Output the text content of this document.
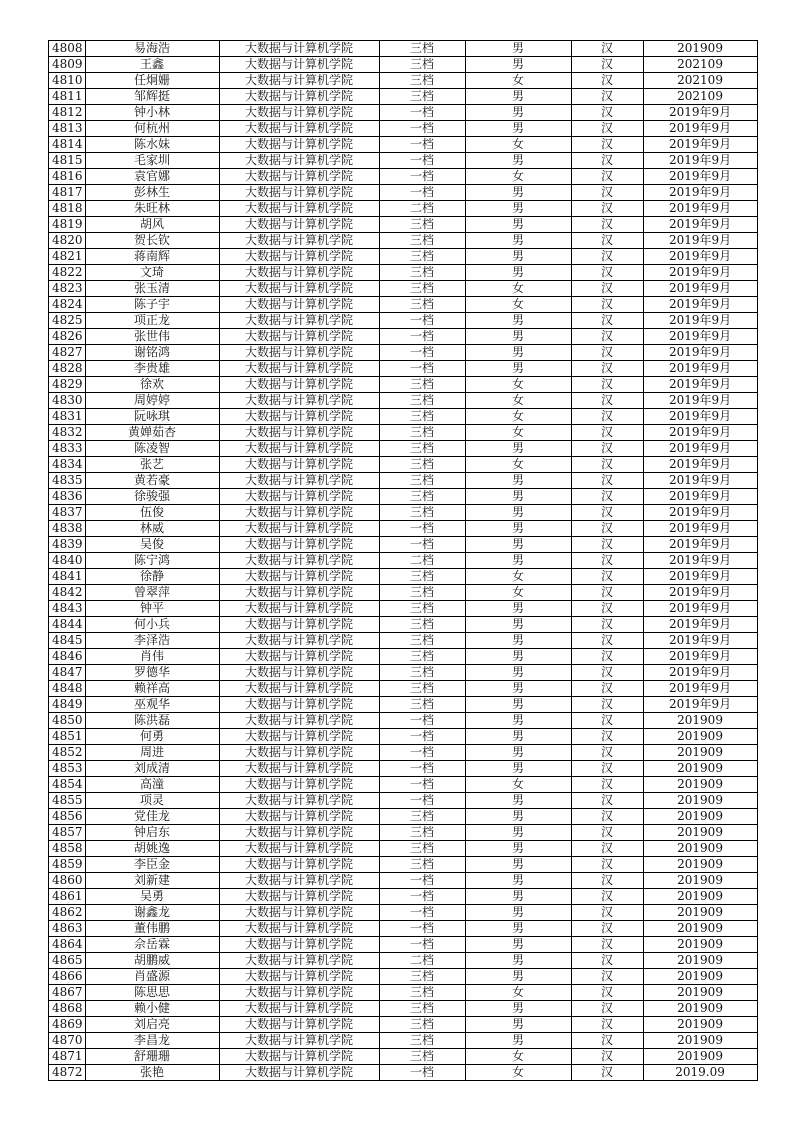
4808	易海浩	大数据与计算机学院	三档	男	汉	201909
4809	王鑫	大数据与计算机学院	三档	男	汉	202109
4810	任炯姗	大数据与计算机学院	三档	女	汉	202109
4811	邹辉挺	大数据与计算机学院	三档	男	汉	202109
4812	钟小林	大数据与计算机学院	一档	男	汉	2019年9月
4813	何杭州	大数据与计算机学院	一档	男	汉	2019年9月
4814	陈水妹	大数据与计算机学院	一档	女	汉	2019年9月
4815	毛家圳	大数据与计算机学院	一档	男	汉	2019年9月
4816	袁官娜	大数据与计算机学院	一档	女	汉	2019年9月
4817	彭林生	大数据与计算机学院	一档	男	汉	2019年9月
4818	朱旺林	大数据与计算机学院	二档	男	汉	2019年9月
4819	胡风	大数据与计算机学院	三档	男	汉	2019年9月
4820	贺长钦	大数据与计算机学院	三档	男	汉	2019年9月
4821	蒋南辉	大数据与计算机学院	三档	男	汉	2019年9月
4822	文琦	大数据与计算机学院	三档	男	汉	2019年9月
4823	张玉清	大数据与计算机学院	三档	女	汉	2019年9月
4824	陈子宇	大数据与计算机学院	三档	女	汉	2019年9月
4825	项正龙	大数据与计算机学院	一档	男	汉	2019年9月
4826	张世伟	大数据与计算机学院	一档	男	汉	2019年9月
4827	谢铭鸿	大数据与计算机学院	一档	男	汉	2019年9月
4828	李贵雄	大数据与计算机学院	一档	男	汉	2019年9月
4829	徐欢	大数据与计算机学院	三档	女	汉	2019年9月
4830	周婷婷	大数据与计算机学院	三档	女	汉	2019年9月
4831	阮咏琪	大数据与计算机学院	三档	女	汉	2019年9月
4832	黄婵茹杏	大数据与计算机学院	三档	女	汉	2019年9月
4833	陈凌智	大数据与计算机学院	三档	男	汉	2019年9月
4834	张艺	大数据与计算机学院	三档	女	汉	2019年9月
4835	黄若豪	大数据与计算机学院	三档	男	汉	2019年9月
4836	徐骏强	大数据与计算机学院	三档	男	汉	2019年9月
4837	伍俊	大数据与计算机学院	三档	男	汉	2019年9月
4838	林威	大数据与计算机学院	一档	男	汉	2019年9月
4839	吴俊	大数据与计算机学院	一档	男	汉	2019年9月
4840	陈宁鸿	大数据与计算机学院	二档	男	汉	2019年9月
4841	徐静	大数据与计算机学院	三档	女	汉	2019年9月
4842	曾翠萍	大数据与计算机学院	三档	女	汉	2019年9月
4843	钟平	大数据与计算机学院	三档	男	汉	2019年9月
4844	何小兵	大数据与计算机学院	三档	男	汉	2019年9月
4845	李泽浩	大数据与计算机学院	三档	男	汉	2019年9月
4846	肖伟	大数据与计算机学院	三档	男	汉	2019年9月
4847	罗德华	大数据与计算机学院	三档	男	汉	2019年9月
4848	赖祥高	大数据与计算机学院	三档	男	汉	2019年9月
4849	巫观华	大数据与计算机学院	三档	男	汉	2019年9月
4850	陈洪磊	大数据与计算机学院	一档	男	汉	201909
4851	何勇	大数据与计算机学院	一档	男	汉	201909
4852	周进	大数据与计算机学院	一档	男	汉	201909
4853	刘成清	大数据与计算机学院	一档	男	汉	201909
4854	高潼	大数据与计算机学院	一档	女	汉	201909
4855	项灵	大数据与计算机学院	一档	男	汉	201909
4856	党佳龙	大数据与计算机学院	三档	男	汉	201909
4857	钟启东	大数据与计算机学院	三档	男	汉	201909
4858	胡姚逸	大数据与计算机学院	三档	男	汉	201909
4859	李臣金	大数据与计算机学院	三档	男	汉	201909
4860	刘新建	大数据与计算机学院	一档	男	汉	201909
4861	吴勇	大数据与计算机学院	一档	男	汉	201909
4862	谢鑫龙	大数据与计算机学院	一档	男	汉	201909
4863	董伟鹏	大数据与计算机学院	一档	男	汉	201909
4864	佘岳霖	大数据与计算机学院	一档	男	汉	201909
4865	胡鹏威	大数据与计算机学院	二档	男	汉	201909
4866	肖盛源	大数据与计算机学院	三档	男	汉	201909
4867	陈思思	大数据与计算机学院	三档	女	汉	201909
4868	赖小健	大数据与计算机学院	三档	男	汉	201909
4869	刘启亮	大数据与计算机学院	三档	男	汉	201909
4870	李昌龙	大数据与计算机学院	三档	男	汉	201909
4871	舒珊珊	大数据与计算机学院	三档	女	汉	201909
4872	张艳	大数据与计算机学院	一档	女	汉	2019.09
